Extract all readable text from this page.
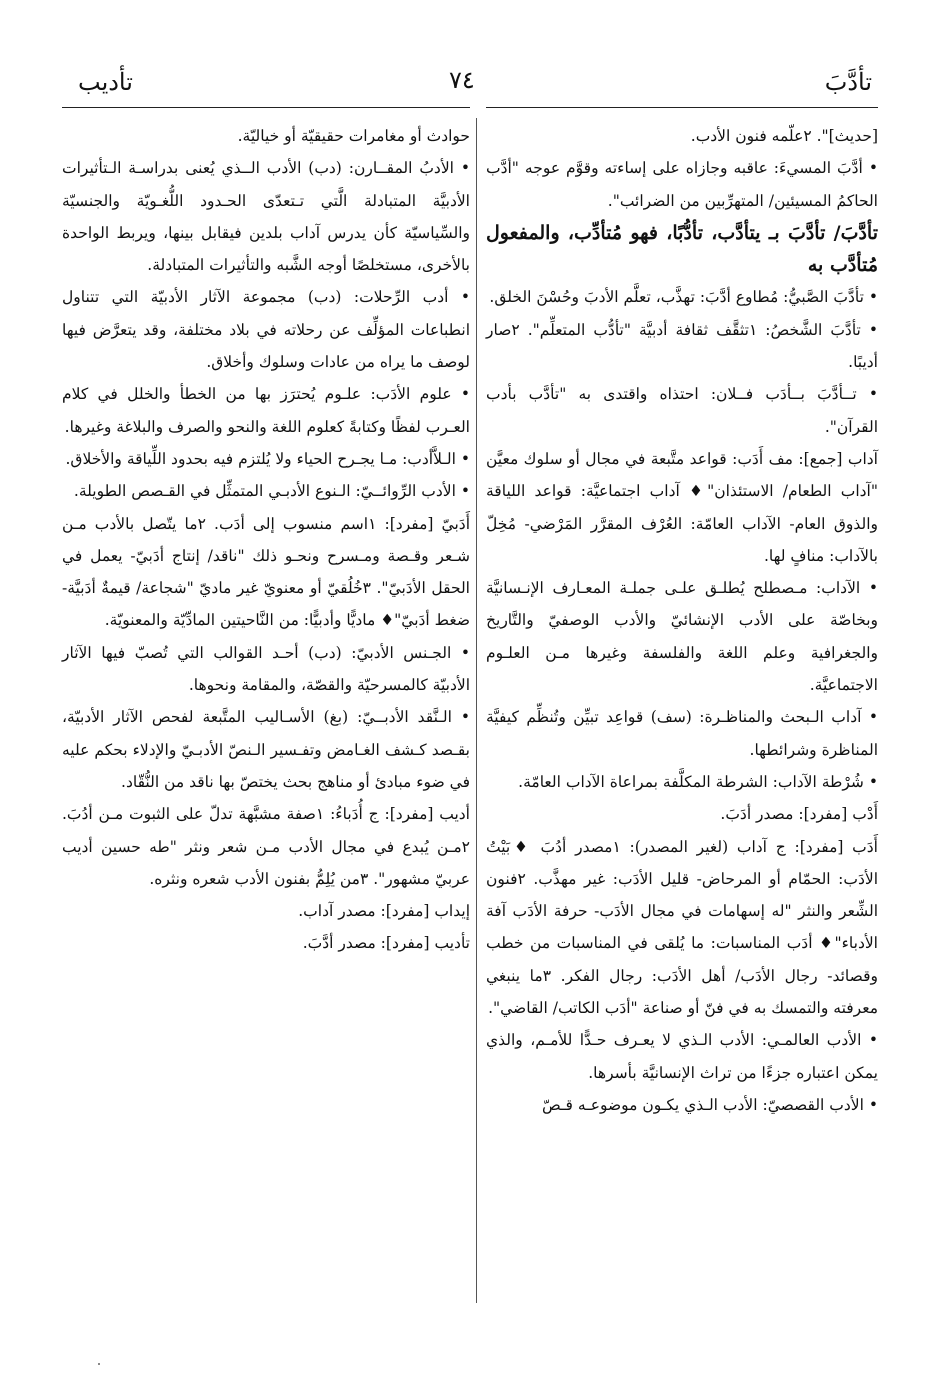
تأدَّبَ
٧٤
تأديب

[حديث]". ٢علّمه فنون الأدب.

• أدَّبَ المسيءَ: عاقبه وجازاه على إساءته وقوَّم عوجه "أدَّب الحاكمُ المسيئين/ المتهرِّبين من الضرائب".

تأدَّبَ/ تأدَّبَ بـ يتأدَّب، تأدُّبًا، فهو مُتأدِّب، والمفعول مُتأدَّب به

• تأدَّبَ الصَّبيُّ: مُطاوع أدَّبَ: تهذَّب، تعلَّم الأدبَ وحُسْنَ الخلق.

• تأدَّبَ الشَّخصُ: ١تثقَّف ثقافة أدبيَّة "تأدُّب المتعلِّم". ٢صار أديبًا.

• تــأدَّبَ بــأدَب فــلان: احتذاه واقتدى به "تأدَّب بأدب القرآن".

آداب [جمع]: مف أَدَب: قواعد متَّبعة في مجال أو سلوك معيَّن "آداب الطعام/ الاستئذان"♦ آداب اجتماعيَّة: قواعد اللياقة والذوق العام- الآداب العامّة: العُرْف المقرَّر المَرْضي- مُخِلّ بالآداب: منافٍ لها.

• الآداب: مـصطلح يُطلـق علـى جملـة المعـارف الإنـسانيَّة وبخاصّة على الأدب الإنشائيّ والأدب الوصفيّ والتَّاريخ والجغرافية وعلم اللغة والفلسفة وغيرها مـن العلـوم الاجتماعيَّة.

• آداب الـبحث والمناظـرة: (سف) قواعِد تبيِّن وتُنظِّم كيفيَّة المناظرة وشرائطها.

• شُرْطة الآداب: الشرطة المكلَّفة بمراعاة الآداب العامّة.

أَدْب [مفرد]: مصدر أدَبَ.

أَدَب [مفرد]: ج آداب (لغير المصدر): ١مصدر أدُبَ ♦بَيْتُ الأدَب: الحمّام أو المرحاض- قليل الأدَب: غير مهذَّب. ٢فنون الشِّعر والنثر "له إسهامات في مجال الأدَب- حرفة الأدَب آفة الأدباء"♦ أدَب المناسبات: ما يُلقى في المناسبات من خطب وقصائد- رجال الأدَب/ أهل الأدَب: رجال الفكر. ٣ما ينبغي معرفته والتمسك به في فنّ أو صناعة "أدَب الكاتب/ القاضي".

• الأدب العالمـي: الأدب الـذي لا يعـرف حـدًّا للأمـم، والذي يمكن اعتباره جزءًا من تراث الإنسانيَّة بأسرها.

• الأدب القصصيّ: الأدب الـذي يكـون موضوعـه قـصّ

حوادث أو مغامرات حقيقيّة أو خياليّة.

• الأدبُ المقــارن: (دب) الأدب الــذي يُعنى بدراسـة الـتأثيرات الأدبيَّة المتبادلة الَّتي تـتعدّى الحـدود اللُّغـويّة والجنسيّة والسِّياسيّة كأن يدرس آداب بلدين فيقابل بينها، ويربط الواحدة بالأخرى، مستخلصًا أوجه الشَّبه والتأثيرات المتبادلة.

• أدب الرِّحلات: (دب) مجموعة الآثار الأدبيّة التي تتناول انطباعات المؤلِّف عن رحلاته في بلاد مختلفة، وقد يتعرَّض فيها لوصف ما يراه من عادات وسلوك وأخلاق.

• علوم الأدَب: علـوم يُحترَز بها من الخطأ والخلل في كلام العـرب لفظًا وكتابةً كعلوم اللغة والنحو والصرف والبلاغة وغيرها.

• الـلاَّأدب: مـا يجـرح الحياء ولا يُلتزم فيه بحدود اللِّياقة والأخلاق.

• الأدب الرِّوائــيّ: الـنوع الأدبـي المتمثِّل في القـصص الطويلة.

أَدَبيّ [مفرد]: ١اسم منسوب إلى أدَب. ٢ما يتّصل بالأدب مـن شـعر وقـصة ومـسرح ونحـو ذلك "ناقد/ إنتاج أدَبيّ- يعمل في الحقل الأدَبيّ". ٣خُلُقيّ أو معنويّ غير ماديّ "شجاعة/ قيمةٌ أدَبيَّة- ضغط أدَبيّ"♦ ماديًّا وأدبيًّا: من النَّاحيتين المادِّيّة والمعنويّة.

• الجـنس الأدبيّ: (دب) أحـد القوالب التي تُصبّ فيها الآثار الأدبيّة كالمسرحيّة والقصّة، والمقامة ونحوها.

• الـنَّقد الأدبــيّ: (بغ) الأسـاليب المتَّبعة لفحص الآثار الأدبيّة، بقـصد كـشف الغـامض وتفـسير الـنصّ الأدبـيّ والإدلاء بحكم عليه في ضوء مبادئ أو مناهج بحث يختصّ بها ناقد من النُّقّاد.

أديب [مفرد]: ج أُدَباءُ: ١صفة مشبَّهة تدلّ على الثبوت مـن أدُبَ. ٢مـن يُبدع في مجال الأدب مـن شعر ونثر "طه حسين أديب عربيّ مشهور". ٣من يُلِمُّ بفنون الأدب شعره ونثره.

إيداب [مفرد]: مصدر آداب.

تأديب [مفرد]: مصدر أدَّبَ.
